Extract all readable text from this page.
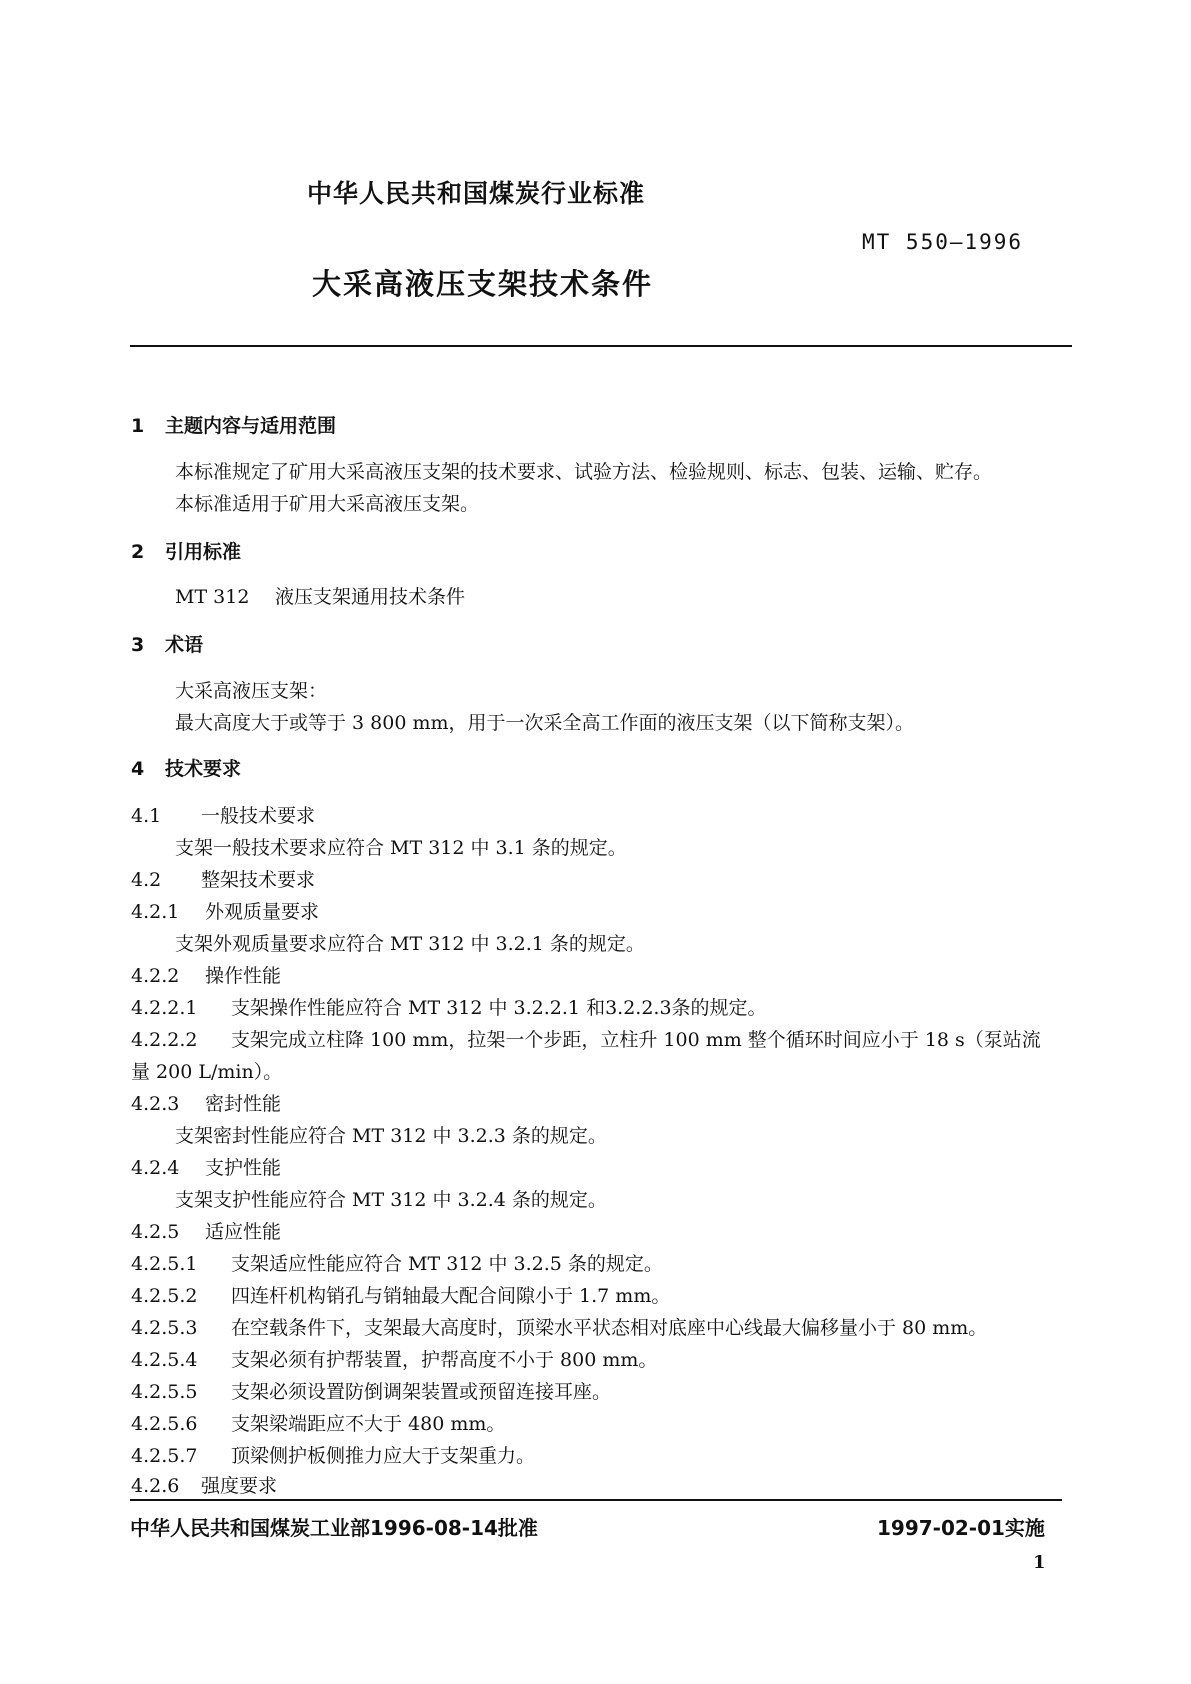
中华人民共和国煤炭行业标准
MT 550—1996
大采高液压支架技术条件
1 主题内容与适用范围
本标准规定了矿用大采高液压支架的技术要求、试验方法、检验规则、标志、包装、运输、贮存。
本标准适用于矿用大采高液压支架。
2 引用标准
MT 312 液压支架通用技术条件
3 术语
大采高液压支架：
最大高度大于或等于 3 800 mm，用于一次采全高工作面的液压支架（以下简称支架）。
4 技术要求
4.1 一般技术要求
支架一般技术要求应符合 MT 312 中 3.1 条的规定。
4.2 整架技术要求
4.2.1 外观质量要求
支架外观质量要求应符合 MT 312 中 3.2.1 条的规定。
4.2.2 操作性能
4.2.2.1 支架操作性能应符合 MT 312 中 3.2.2.1 和3.2.2.3条的规定。
4.2.2.2 支架完成立柱降 100 mm，拉架一个步距，立柱升 100 mm 整个循环时间应小于 18 s（泵站流
量 200 L/min）。
4.2.3 密封性能
支架密封性能应符合 MT 312 中 3.2.3 条的规定。
4.2.4 支护性能
支架支护性能应符合 MT 312 中 3.2.4 条的规定。
4.2.5 适应性能
4.2.5.1 支架适应性能应符合 MT 312 中 3.2.5 条的规定。
4.2.5.2 四连杆机构销孔与销轴最大配合间隙小于 1.7 mm。
4.2.5.3 在空载条件下，支架最大高度时，顶梁水平状态相对底座中心线最大偏移量小于 80 mm。
4.2.5.4 支架必须有护帮装置，护帮高度不小于 800 mm。
4.2.5.5 支架必须设置防倒调架装置或预留连接耳座。
4.2.5.6 支架梁端距应不大于 480 mm。
4.2.5.7 顶梁侧护板侧推力应大于支架重力。
4.2.6 强度要求
中华人民共和国煤炭工业部1996-08-14批准	1997-02-01实施
1
